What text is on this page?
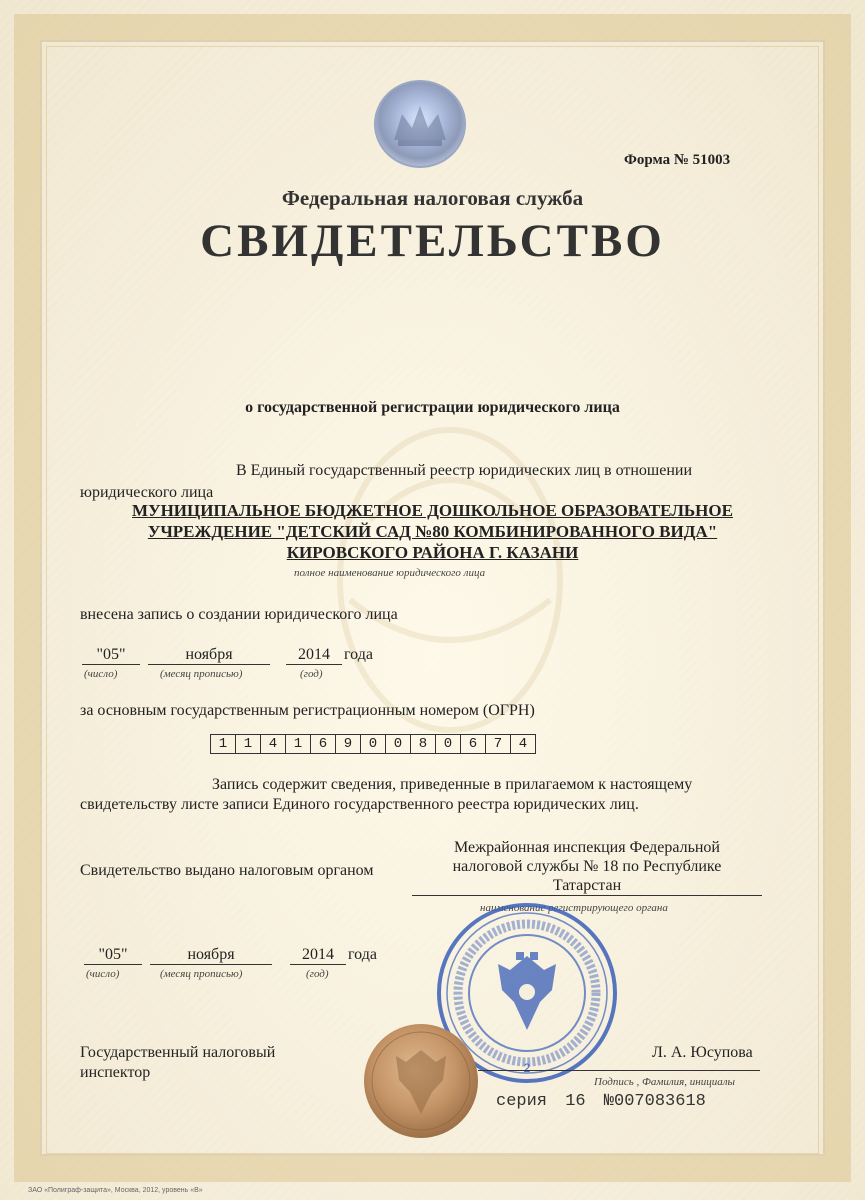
Форма № 51003
Федеральная налоговая служба
СВИДЕТЕЛЬСТВО
о государственной регистрации юридического лица
В Единый государственный реестр юридических лиц в отношении
юридического лица
МУНИЦИПАЛЬНОЕ БЮДЖЕТНОЕ ДОШКОЛЬНОЕ ОБРАЗОВАТЕЛЬНОЕ
УЧРЕЖДЕНИЕ "ДЕТСКИЙ САД №80 КОМБИНИРОВАННОГО ВИДА"
КИРОВСКОГО РАЙОНА Г. КАЗАНИ
полное наименование юридического лица
внесена запись о создании юридического лица
"05"	ноября	2014 года
(число)	(месяц прописью)	(год)
за основным государственным регистрационным номером (ОГРН)
1	1	4	1	6	9	0	0	8	0	6	7	4
Запись содержит сведения, приведенные в прилагаемом к настоящему
свидетельству листе записи Единого государственного реестра юридических лиц.
Свидетельство выдано налоговым органом
Межрайонная инспекция Федеральной
налоговой службы № 18 по Республике
Татарстан
наименование регистрирующего органа
"05"	ноября	2014 года
(число)	(месяц прописью)	(год)
2
Государственный налоговый
инспектор
Л. А. Юсупова
Подпись , Фамилия, инициалы
серия 16 №007083618
ЗАО «Полиграф-защита», Москва, 2012, уровень «В»
